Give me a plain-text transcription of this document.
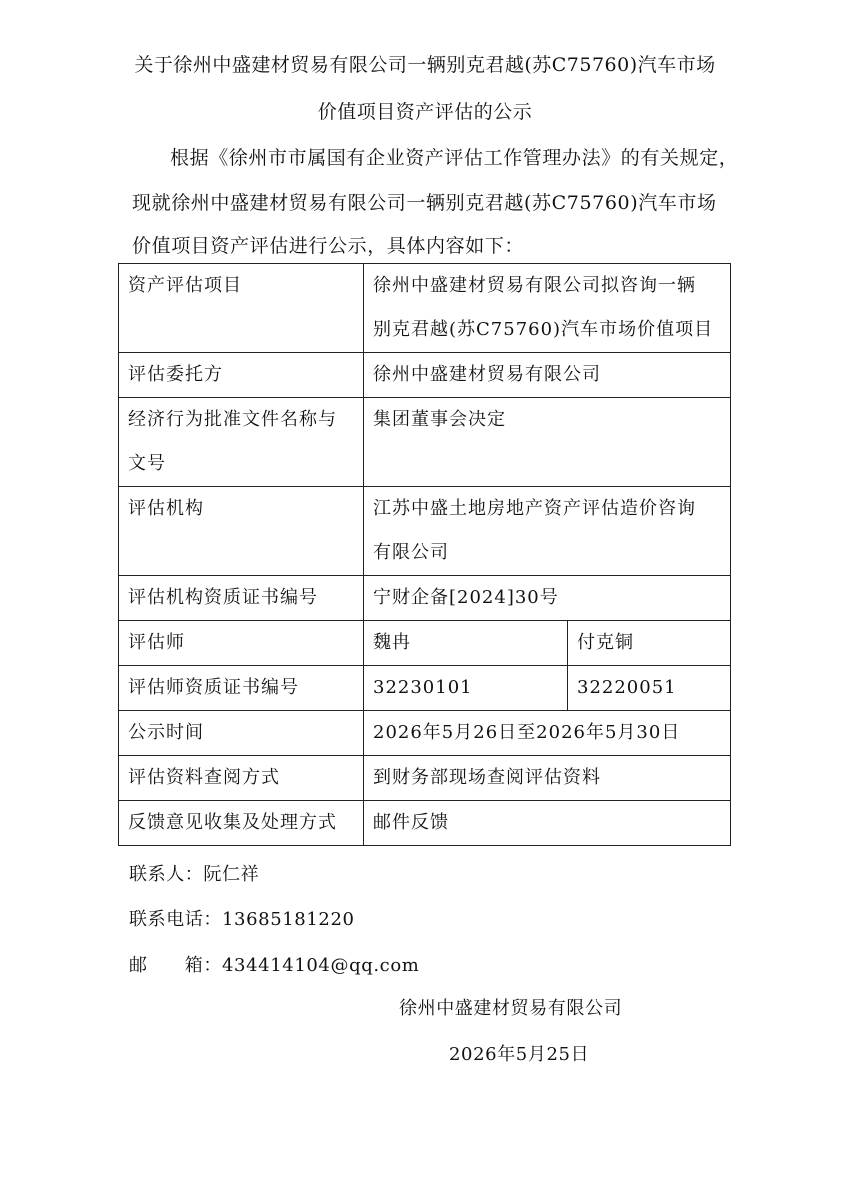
关于徐州中盛建材贸易有限公司一辆别克君越(苏C75760)汽车市场
价值项目资产评估的公示
根据《徐州市市属国有企业资产评估工作管理办法》的有关规定，
现就徐州中盛建材贸易有限公司一辆别克君越(苏C75760)汽车市场
价值项目资产评估进行公示，具体内容如下：
资产评估项目	徐州中盛建材贸易有限公司拟咨询一辆
别克君越(苏C75760)汽车市场价值项目	

评估委托方	徐州中盛建材贸易有限公司	

经济行为批准文件名称与
文号	集团董事会决定	
评估机构	江苏中盛土地房地产资产评估造价咨询
有限公司	

评估机构资质证书编号	宁财企备[2024]30号	
评估师	魏冉	付克铜
评估师资质证书编号	32230101	32220051
公示时间	2026年5月26日至2026年5月30日	
评估资料查阅方式	到财务部现场查阅评估资料	
反馈意见收集及处理方式	邮件反馈	
联系人：阮仁祥
联系电话：13685181220
邮　　箱：434414104@qq.com
徐州中盛建材贸易有限公司
2026年5月25日
